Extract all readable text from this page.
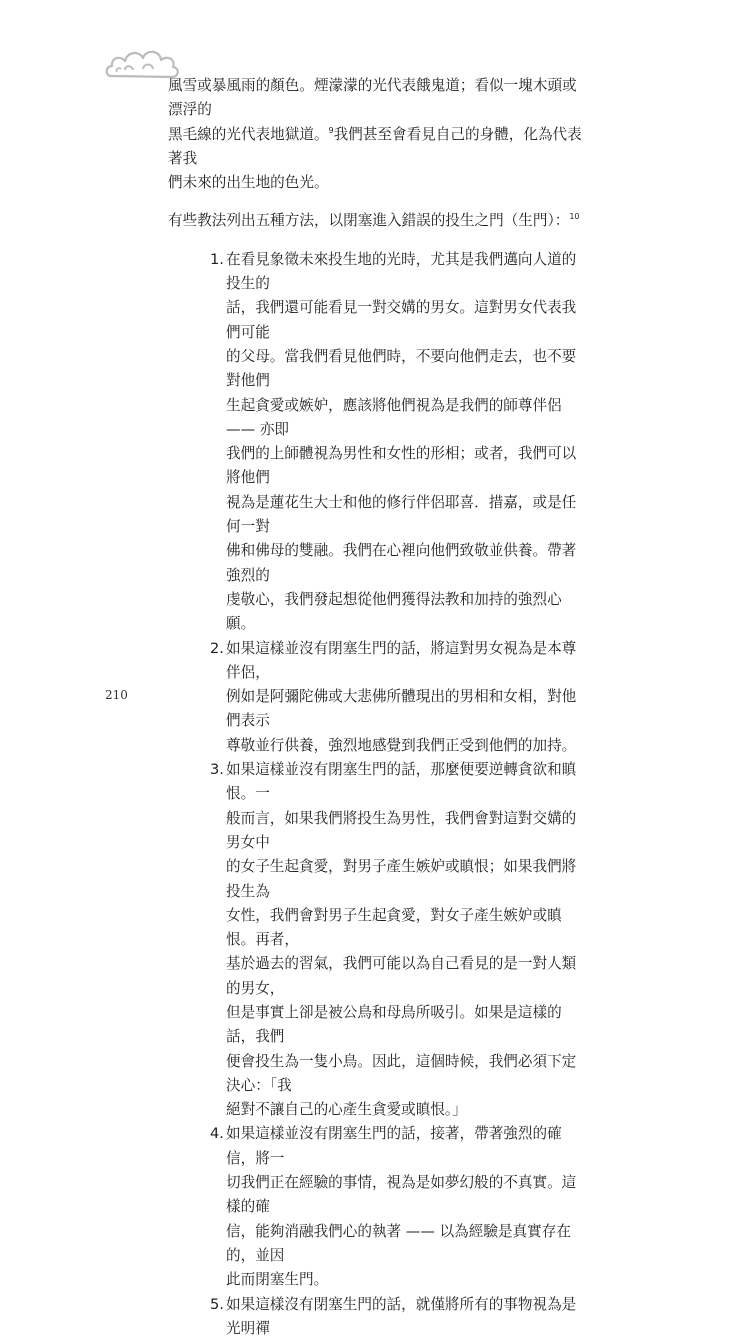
風雪或暴風雨的顏色。煙濛濛的光代表餓鬼道；看似一塊木頭或漂浮的
黑毛線的光代表地獄道。$^9$我們甚至會看見自己的身體，化為代表著我
們未來的出生地的色光。

有些教法列出五種方法，以閉塞進入錯誤的投生之門（生門）：$^{10}$

1. 在看見象徵未來投生地的光時，尤其是我們邁向人道的投生的
話，我們還可能看見一對交媾的男女。這對男女代表我們可能
的父母。當我們看見他們時，不要向他們走去，也不要對他們
生起貪愛或嫉妒，應該將他們視為是我們的師尊伴侶 —— 亦即
我們的上師體視為男性和女性的形相；或者，我們可以將他們
視為是蓮花生大士和他的修行伴侶耶喜．措嘉，或是任何一對
佛和佛母的雙融。我們在心裡向他們致敬並供養。帶著強烈的
虔敬心，我們發起想從他們獲得法教和加持的強烈心願。
2. 如果這樣並沒有閉塞生門的話，將這對男女視為是本尊伴侶，
例如是阿彌陀佛或大悲佛所體現出的男相和女相，對他們表示
尊敬並行供養，強烈地感覺到我們正受到他們的加持。
3. 如果這樣並沒有閉塞生門的話，那麼便要逆轉貪欲和瞋恨。一
般而言，如果我們將投生為男性，我們會對這對交媾的男女中
的女子生起貪愛，對男子產生嫉妒或瞋恨；如果我們將投生為
女性，我們會對男子生起貪愛，對女子產生嫉妒或瞋恨。再者，
基於過去的習氣，我們可能以為自己看見的是一對人類的男女，
但是事實上卻是被公鳥和母鳥所吸引。如果是這樣的話，我們
便會投生為一隻小鳥。因此，這個時候，我們必須下定決心：「我
絕對不讓自己的心產生貪愛或瞋恨。」
4. 如果這樣並沒有閉塞生門的話，接著，帶著強烈的確信，將一
切我們正在經驗的事情，視為是如夢幻般的不真實。這樣的確
信，能夠消融我們心的執著 —— 以為經驗是真實存在的，並因
此而閉塞生門。
5. 如果這樣沒有閉塞生門的話，就僅將所有的事物視為是光明禪
210
